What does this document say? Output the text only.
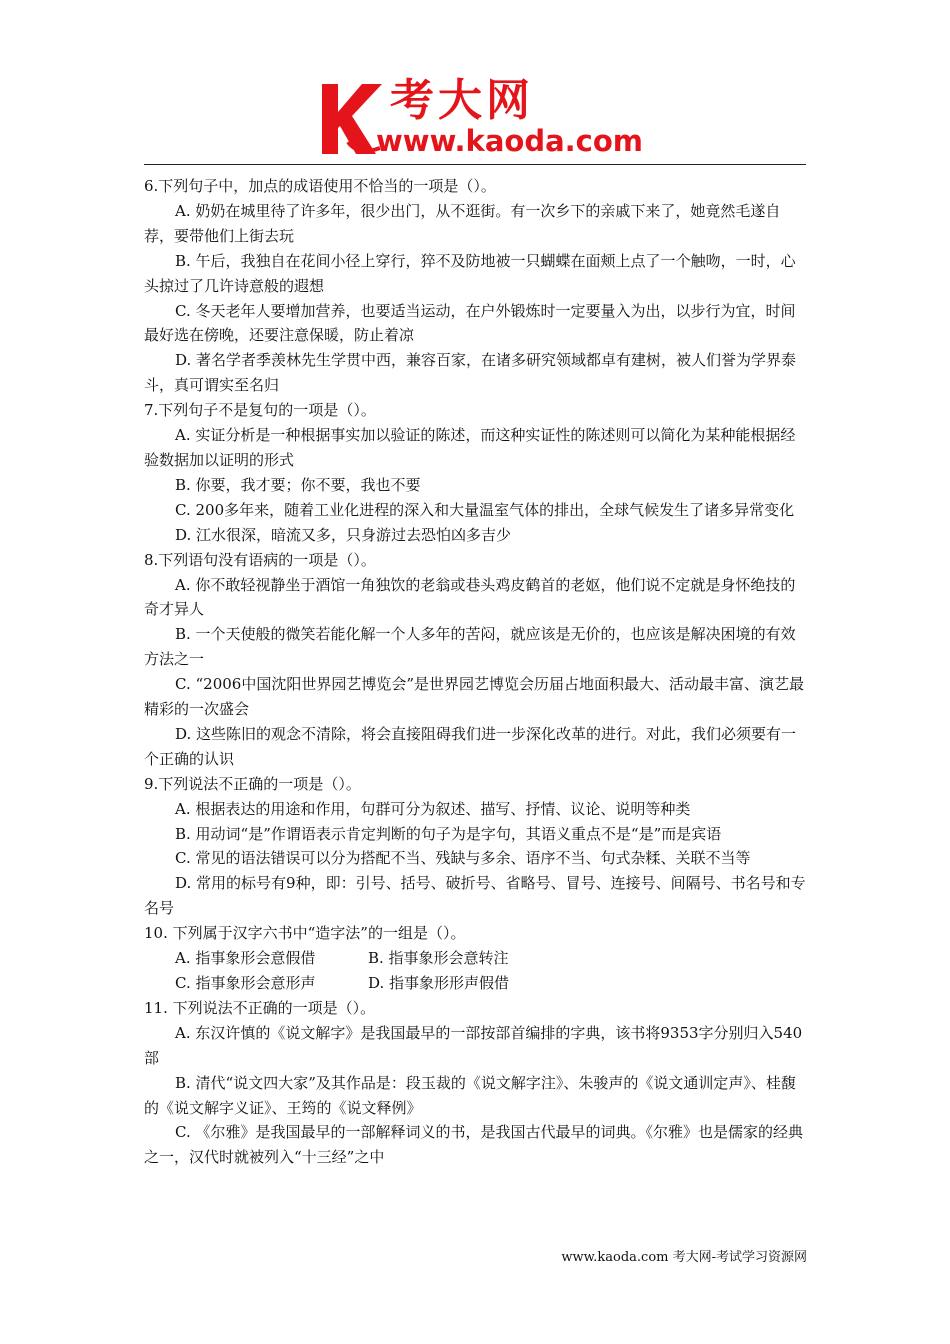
考大网
www.kaoda.com

6.下列句子中，加点的成语使用不恰当的一项是（）。

A. 奶奶在城里待了许多年，很少出门，从不逛街。有一次乡下的亲戚下来了，她竟然毛遂自荐，要带他们上街去玩

B. 午后，我独自在花间小径上穿行，猝不及防地被一只蝴蝶在面颊上点了一个触吻，一时，心头掠过了几许诗意般的遐想

C. 冬天老年人要增加营养，也要适当运动，在户外锻炼时一定要量入为出，以步行为宜，时间最好选在傍晚，还要注意保暖，防止着凉

D. 著名学者季羡林先生学贯中西，兼容百家，在诸多研究领域都卓有建树，被人们誉为学界泰斗，真可谓实至名归

7.下列句子不是复句的一项是（）。

A. 实证分析是一种根据事实加以验证的陈述，而这种实证性的陈述则可以简化为某种能根据经验数据加以证明的形式

B. 你要，我才要；你不要，我也不要

C. 200多年来，随着工业化进程的深入和大量温室气体的排出，全球气候发生了诸多异常变化

D. 江水很深，暗流又多，只身游过去恐怕凶多吉少

8.下列语句没有语病的一项是（）。

A. 你不敢轻视静坐于酒馆一角独饮的老翁或巷头鸡皮鹤首的老妪，他们说不定就是身怀绝技的奇才异人

B. 一个天使般的微笑若能化解一个人多年的苦闷，就应该是无价的，也应该是解决困境的有效方法之一

C. “2006中国沈阳世界园艺博览会”是世界园艺博览会历届占地面积最大、活动最丰富、演艺最精彩的一次盛会

D. 这些陈旧的观念不清除，将会直接阻碍我们进一步深化改革的进行。对此，我们必须要有一个正确的认识

9.下列说法不正确的一项是（）。

A. 根据表达的用途和作用，句群可分为叙述、描写、抒情、议论、说明等种类

B. 用动词“是”作谓语表示肯定判断的句子为是字句，其语义重点不是“是”而是宾语

C. 常见的语法错误可以分为搭配不当、残缺与多余、语序不当、句式杂糅、关联不当等

D. 常用的标号有9种，即：引号、括号、破折号、省略号、冒号、连接号、间隔号、书名号和专名号

10. 下列属于汉字六书中“造字法”的一组是（）。

A. 指事象形会意假借	B. 指事象形会意转注
C. 指事象形会意形声	D. 指事象形形声假借

11. 下列说法不正确的一项是（）。

A. 东汉许慎的《说文解字》是我国最早的一部按部首编排的字典，该书将9353字分别归入540部

B. 清代“说文四大家”及其作品是：段玉裁的《说文解字注》、朱骏声的《说文通训定声》、桂馥的《说文解字义证》、王筠的《说文释例》

C. 《尔雅》是我国最早的一部解释词义的书，是我国古代最早的词典。《尔雅》也是儒家的经典之一，汉代时就被列入“十三经”之中

www.kaoda.com 考大网-考试学习资源网
